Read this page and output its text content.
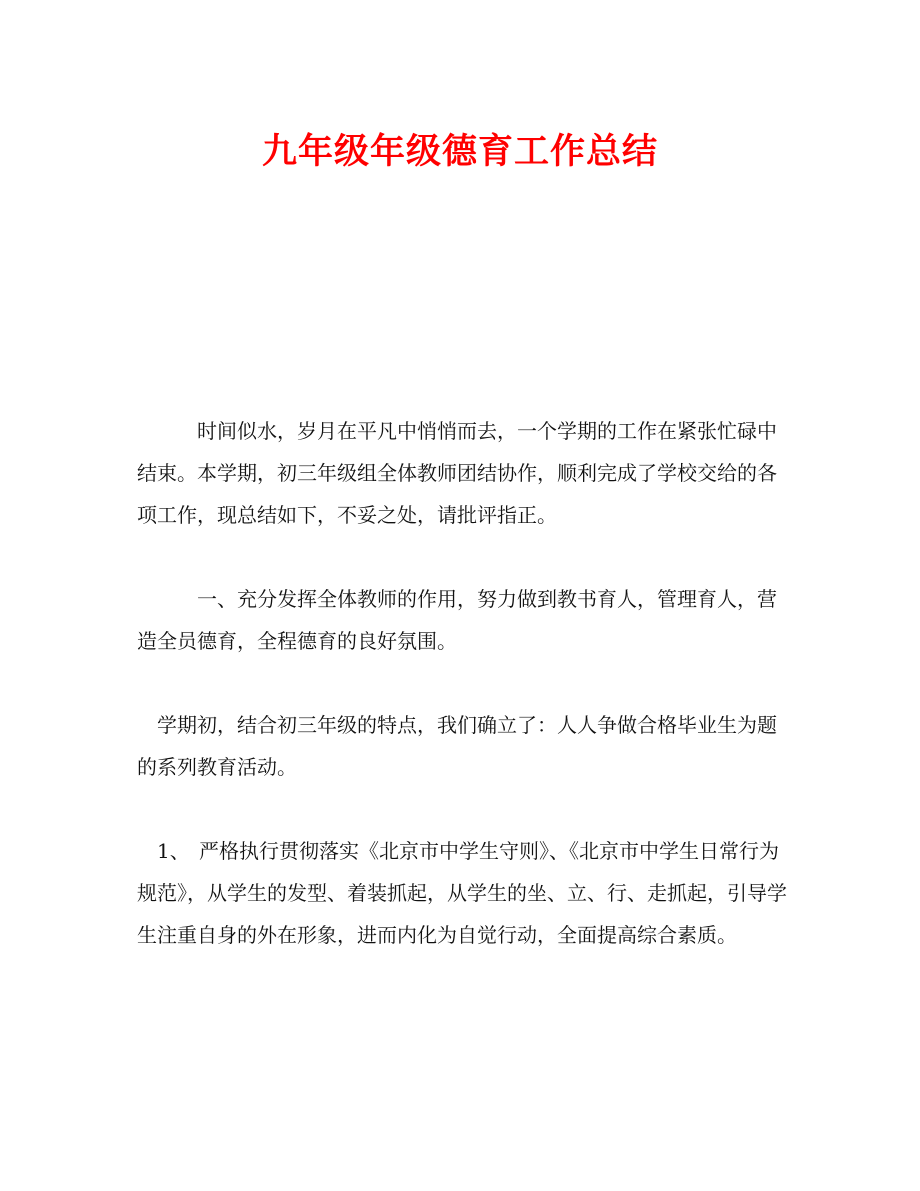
九年级年级德育工作总结

时间似水，岁月在平凡中悄悄而去，一个学期的工作在紧张忙碌中结束。本学期，初三年级组全体教师团结协作，顺利完成了学校交给的各项工作，现总结如下，不妥之处，请批评指正。

一、充分发挥全体教师的作用，努力做到教书育人，管理育人，营造全员德育，全程德育的良好氛围。

学期初，结合初三年级的特点，我们确立了：人人争做合格毕业生为题的系列教育活动。

1、 严格执行贯彻落实《北京市中学生守则》、《北京市中学生日常行为规范》，从学生的发型、着装抓起，从学生的坐、立、行、走抓起，引导学生注重自身的外在形象，进而内化为自觉行动，全面提高综合素质。
